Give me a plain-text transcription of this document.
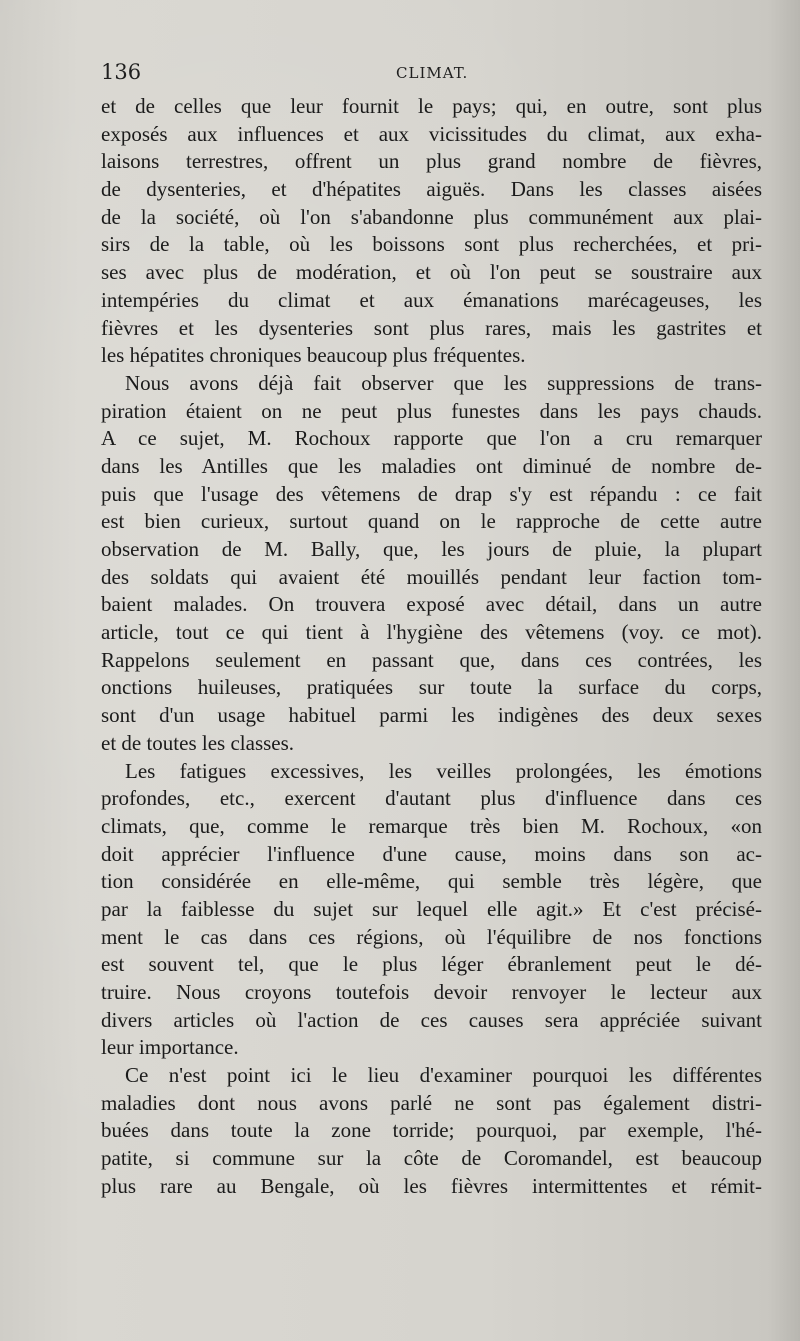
136	CLIMAT.
et de celles que leur fournit le pays; qui, en outre, sont plus
exposés aux influences et aux vicissitudes du climat, aux exha-
laisons terrestres, offrent un plus grand nombre de fièvres,
de dysenteries, et d'hépatites aiguës. Dans les classes aisées
de la société, où l'on s'abandonne plus communément aux plai-
sirs de la table, où les boissons sont plus recherchées, et pri-
ses avec plus de modération, et où l'on peut se soustraire aux
intempéries du climat et aux émanations marécageuses, les
fièvres et les dysenteries sont plus rares, mais les gastrites et
les hépatites chroniques beaucoup plus fréquentes.
Nous avons déjà fait observer que les suppressions de trans-
piration étaient on ne peut plus funestes dans les pays chauds.
A ce sujet, M. Rochoux rapporte que l'on a cru remarquer
dans les Antilles que les maladies ont diminué de nombre de-
puis que l'usage des vêtemens de drap s'y est répandu : ce fait
est bien curieux, surtout quand on le rapproche de cette autre
observation de M. Bally, que, les jours de pluie, la plupart
des soldats qui avaient été mouillés pendant leur faction tom-
baient malades. On trouvera exposé avec détail, dans un autre
article, tout ce qui tient à l'hygiène des vêtemens (voy. ce mot).
Rappelons seulement en passant que, dans ces contrées, les
onctions huileuses, pratiquées sur toute la surface du corps,
sont d'un usage habituel parmi les indigènes des deux sexes
et de toutes les classes.
Les fatigues excessives, les veilles prolongées, les émotions
profondes, etc., exercent d'autant plus d'influence dans ces
climats, que, comme le remarque très bien M. Rochoux, «on
doit apprécier l'influence d'une cause, moins dans son ac-
tion considérée en elle-même, qui semble très légère, que
par la faiblesse du sujet sur lequel elle agit.» Et c'est précisé-
ment le cas dans ces régions, où l'équilibre de nos fonctions
est souvent tel, que le plus léger ébranlement peut le dé-
truire. Nous croyons toutefois devoir renvoyer le lecteur aux
divers articles où l'action de ces causes sera appréciée suivant
leur importance.
Ce n'est point ici le lieu d'examiner pourquoi les différentes
maladies dont nous avons parlé ne sont pas également distri-
buées dans toute la zone torride; pourquoi, par exemple, l'hé-
patite, si commune sur la côte de Coromandel, est beaucoup
plus rare au Bengale, où les fièvres intermittentes et rémit-
